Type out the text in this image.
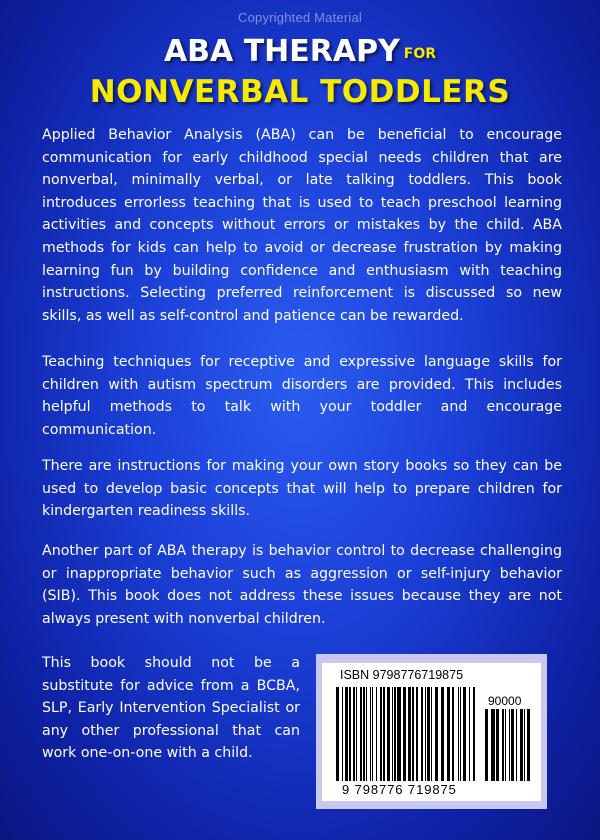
Copyrighted Material
ABA THERAPY FOR
NONVERBAL TODDLERS

Applied Behavior Analysis (ABA) can be beneficial to encourage communication for early childhood special needs children that are nonverbal, minimally verbal, or late talking toddlers. This book introduces errorless teaching that is used to teach preschool learning activities and concepts without errors or mistakes by the child. ABA methods for kids can help to avoid or decrease frustration by making learning fun by building confidence and enthusiasm with teaching instructions. Selecting preferred reinforcement is discussed so new skills, as well as self-control and patience can be rewarded.

Teaching techniques for receptive and expressive language skills for children with autism spectrum disorders are provided. This includes helpful methods to talk with your toddler and encourage communication.

There are instructions for making your own story books so they can be used to develop basic concepts that will help to prepare children for kindergarten readiness skills.

Another part of ABA therapy is behavior control to decrease challenging or inappropriate behavior such as aggression or self-injury behavior (SIB). This book does not address these issues because they are not always present with nonverbal children.

This book should not be a substitute for advice from a BCBA, SLP, Early Intervention Specialist or any other professional that can work one-on-one with a child.

ISBN 9798776719875
90000
9 798776 719875
